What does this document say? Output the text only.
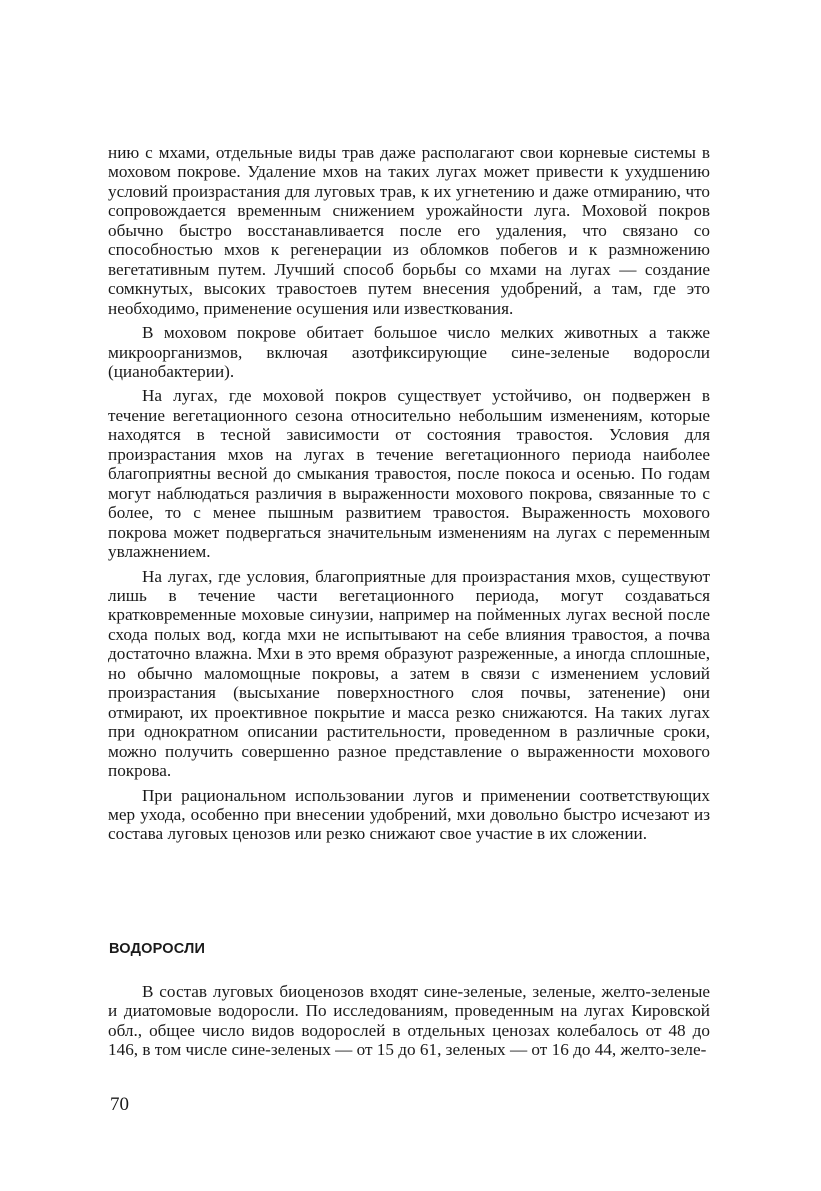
нию с мхами, отдельные виды трав даже располагают свои корневые системы в моховом покрове. Удаление мхов на таких лугах может привести к ухудшению условий произрастания для луговых трав, к их угнетению и даже отмиранию, что сопровождается временным снижением урожайности луга. Моховой покров обычно быстро восстанавливается после его удаления, что связано со способностью мхов к регенерации из обломков побегов и к размножению вегетативным путем. Лучший способ борьбы со мхами на лугах — создание сомкнутых, высоких травостоев путем внесения удобрений, а там, где это необходимо, применение осушения или известкования.

В моховом покрове обитает большое число мелких животных а также микроорганизмов, включая азотфиксирующие сине-зеленые водоросли (цианобактерии).

На лугах, где моховой покров существует устойчиво, он подвержен в течение вегетационного сезона относительно небольшим изменениям, которые находятся в тесной зависимости от состояния травостоя. Условия для произрастания мхов на лугах в течение вегетационного периода наиболее благоприятны весной до смыкания травостоя, после покоса и осенью. По годам могут наблюдаться различия в выраженности мохового покрова, связанные то с более, то с менее пышным развитием травостоя. Выраженность мохового покрова может подвергаться значительным изменениям на лугах с переменным увлажнением.

На лугах, где условия, благоприятные для произрастания мхов, существуют лишь в течение части вегетационного периода, могут создаваться кратковременные моховые синузии, например на пойменных лугах весной после схода полых вод, когда мхи не испытывают на себе влияния травостоя, а почва достаточно влажна. Мхи в это время образуют разреженные, а иногда сплошные, но обычно маломощные покровы, а затем в связи с изменением условий произрастания (высыхание поверхностного слоя почвы, затенение) они отмирают, их проективное покрытие и масса резко снижаются. На таких лугах при однократном описании растительности, проведенном в различные сроки, можно получить совершенно разное представление о выраженности мохового покрова.

При рациональном использовании лугов и применении соответствующих мер ухода, особенно при внесении удобрений, мхи довольно быстро исчезают из состава луговых ценозов или резко снижают свое участие в их сложении.

ВОДОРОСЛИ

В состав луговых биоценозов входят сине-зеленые, зеленые, желто-зеленые и диатомовые водоросли. По исследованиям, проведенным на лугах Кировской обл., общее число видов водорослей в отдельных ценозах колебалось от 48 до 146, в том числе сине-зеленых — от 15 до 61, зеленых — от 16 до 44, желто-зеле-

70
